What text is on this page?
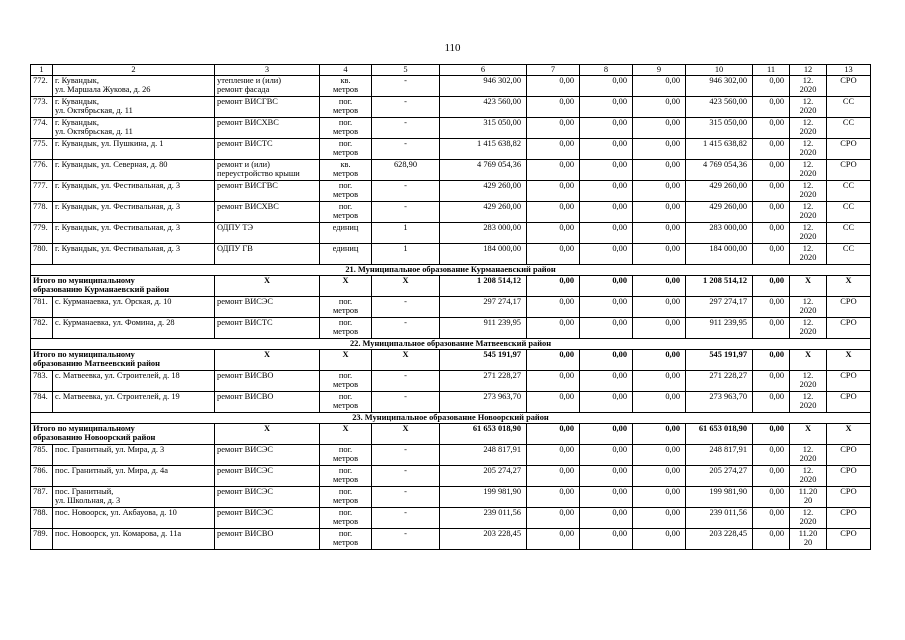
110
1	2	3	4	5	6	7	8	9	10	11	12	13
772.	г. Кувандык,
ул. Маршала Жукова, д. 26	утепление и (или)
ремонт фасада	кв.
метров	-	946 302,00	0,00	0,00	0,00	946 302,00	0,00	12.
2020	СРО
773.	г. Кувандык,
ул. Октябрьская, д. 11	ремонт ВИСГВС	пог.
метров	-	423 560,00	0,00	0,00	0,00	423 560,00	0,00	12.
2020	СС
774.	г. Кувандык,
ул. Октябрьская, д. 11	ремонт ВИСХВС	пог.
метров	-	315 050,00	0,00	0,00	0,00	315 050,00	0,00	12.
2020	СС
775.	г. Кувандык, ул. Пушкина, д. 1	ремонт ВИСТС	пог.
метров	-	1 415 638,82	0,00	0,00	0,00	1 415 638,82	0,00	12.
2020	СРО
776.	г. Кувандык, ул. Северная, д. 80	ремонт и (или)
переустройство крыши	кв.
метров	628,90	4 769 054,36	0,00	0,00	0,00	4 769 054,36	0,00	12.
2020	СРО
777.	г. Кувандык, ул. Фестивальная, д. 3	ремонт ВИСГВС	пог.
метров	-	429 260,00	0,00	0,00	0,00	429 260,00	0,00	12.
2020	СС
778.	г. Кувандык, ул. Фестивальная, д. 3	ремонт ВИСХВС	пог.
метров	-	429 260,00	0,00	0,00	0,00	429 260,00	0,00	12.
2020	СС
779.	г. Кувандык, ул. Фестивальная, д. 3	ОДПУ ТЭ	единиц	1	283 000,00	0,00	0,00	0,00	283 000,00	0,00	12.
2020	СС
780.	г. Кувандык, ул. Фестивальная, д. 3	ОДПУ ГВ	единиц	1	184 000,00	0,00	0,00	0,00	184 000,00	0,00	12.
2020	СС
21. Муниципальное образование Курманаевский район												
Итого по муниципальному
образованию Курманаевский район		X	X	X	1 208 514,12	0,00	0,00	0,00	1 208 514,12	0,00	X	X
781.	с. Курманаевка, ул. Орская, д. 10	ремонт ВИСЭС	пог.
метров	-	297 274,17	0,00	0,00	0,00	297 274,17	0,00	12.
2020	СРО
782.	с. Курманаевка, ул. Фомина, д. 28	ремонт ВИСТС	пог.
метров	-	911 239,95	0,00	0,00	0,00	911 239,95	0,00	12.
2020	СРО
22. Муниципальное образование Матвеевский район												
Итого по муниципальному
образованию Матвеевский район		X	X	X	545 191,97	0,00	0,00	0,00	545 191,97	0,00	X	X
783.	с. Матвеевка, ул. Строителей, д. 18	ремонт ВИСВО	пог.
метров	-	271 228,27	0,00	0,00	0,00	271 228,27	0,00	12.
2020	СРО
784.	с. Матвеевка, ул. Строителей, д. 19	ремонт ВИСВО	пог.
метров	-	273 963,70	0,00	0,00	0,00	273 963,70	0,00	12.
2020	СРО
23. Муниципальное образование Новоорский район												
Итого по муниципальному
образованию Новоорский район		X	X	X	61 653 018,90	0,00	0,00	0,00	61 653 018,90	0,00	X	X
785.	пос. Гранитный, ул. Мира, д. 3	ремонт ВИСЭС	пог.
метров	-	248 817,91	0,00	0,00	0,00	248 817,91	0,00	12.
2020	СРО
786.	пос. Гранитный, ул. Мира, д. 4а	ремонт ВИСЭС	пог.
метров	-	205 274,27	0,00	0,00	0,00	205 274,27	0,00	12.
2020	СРО
787.	пос. Гранитный,
ул. Школьная, д. 3	ремонт ВИСЭС	пог.
метров	-	199 981,90	0,00	0,00	0,00	199 981,90	0,00	11.20
20	СРО
788.	пос. Новоорск, ул. Акбауова, д. 10	ремонт ВИСЭС	пог.
метров	-	239 011,56	0,00	0,00	0,00	239 011,56	0,00	12.
2020	СРО
789.	пос. Новоорск, ул. Комарова, д. 11а	ремонт ВИСВО	пог.
метров	-	203 228,45	0,00	0,00	0,00	203 228,45	0,00	11.20
20	СРО
